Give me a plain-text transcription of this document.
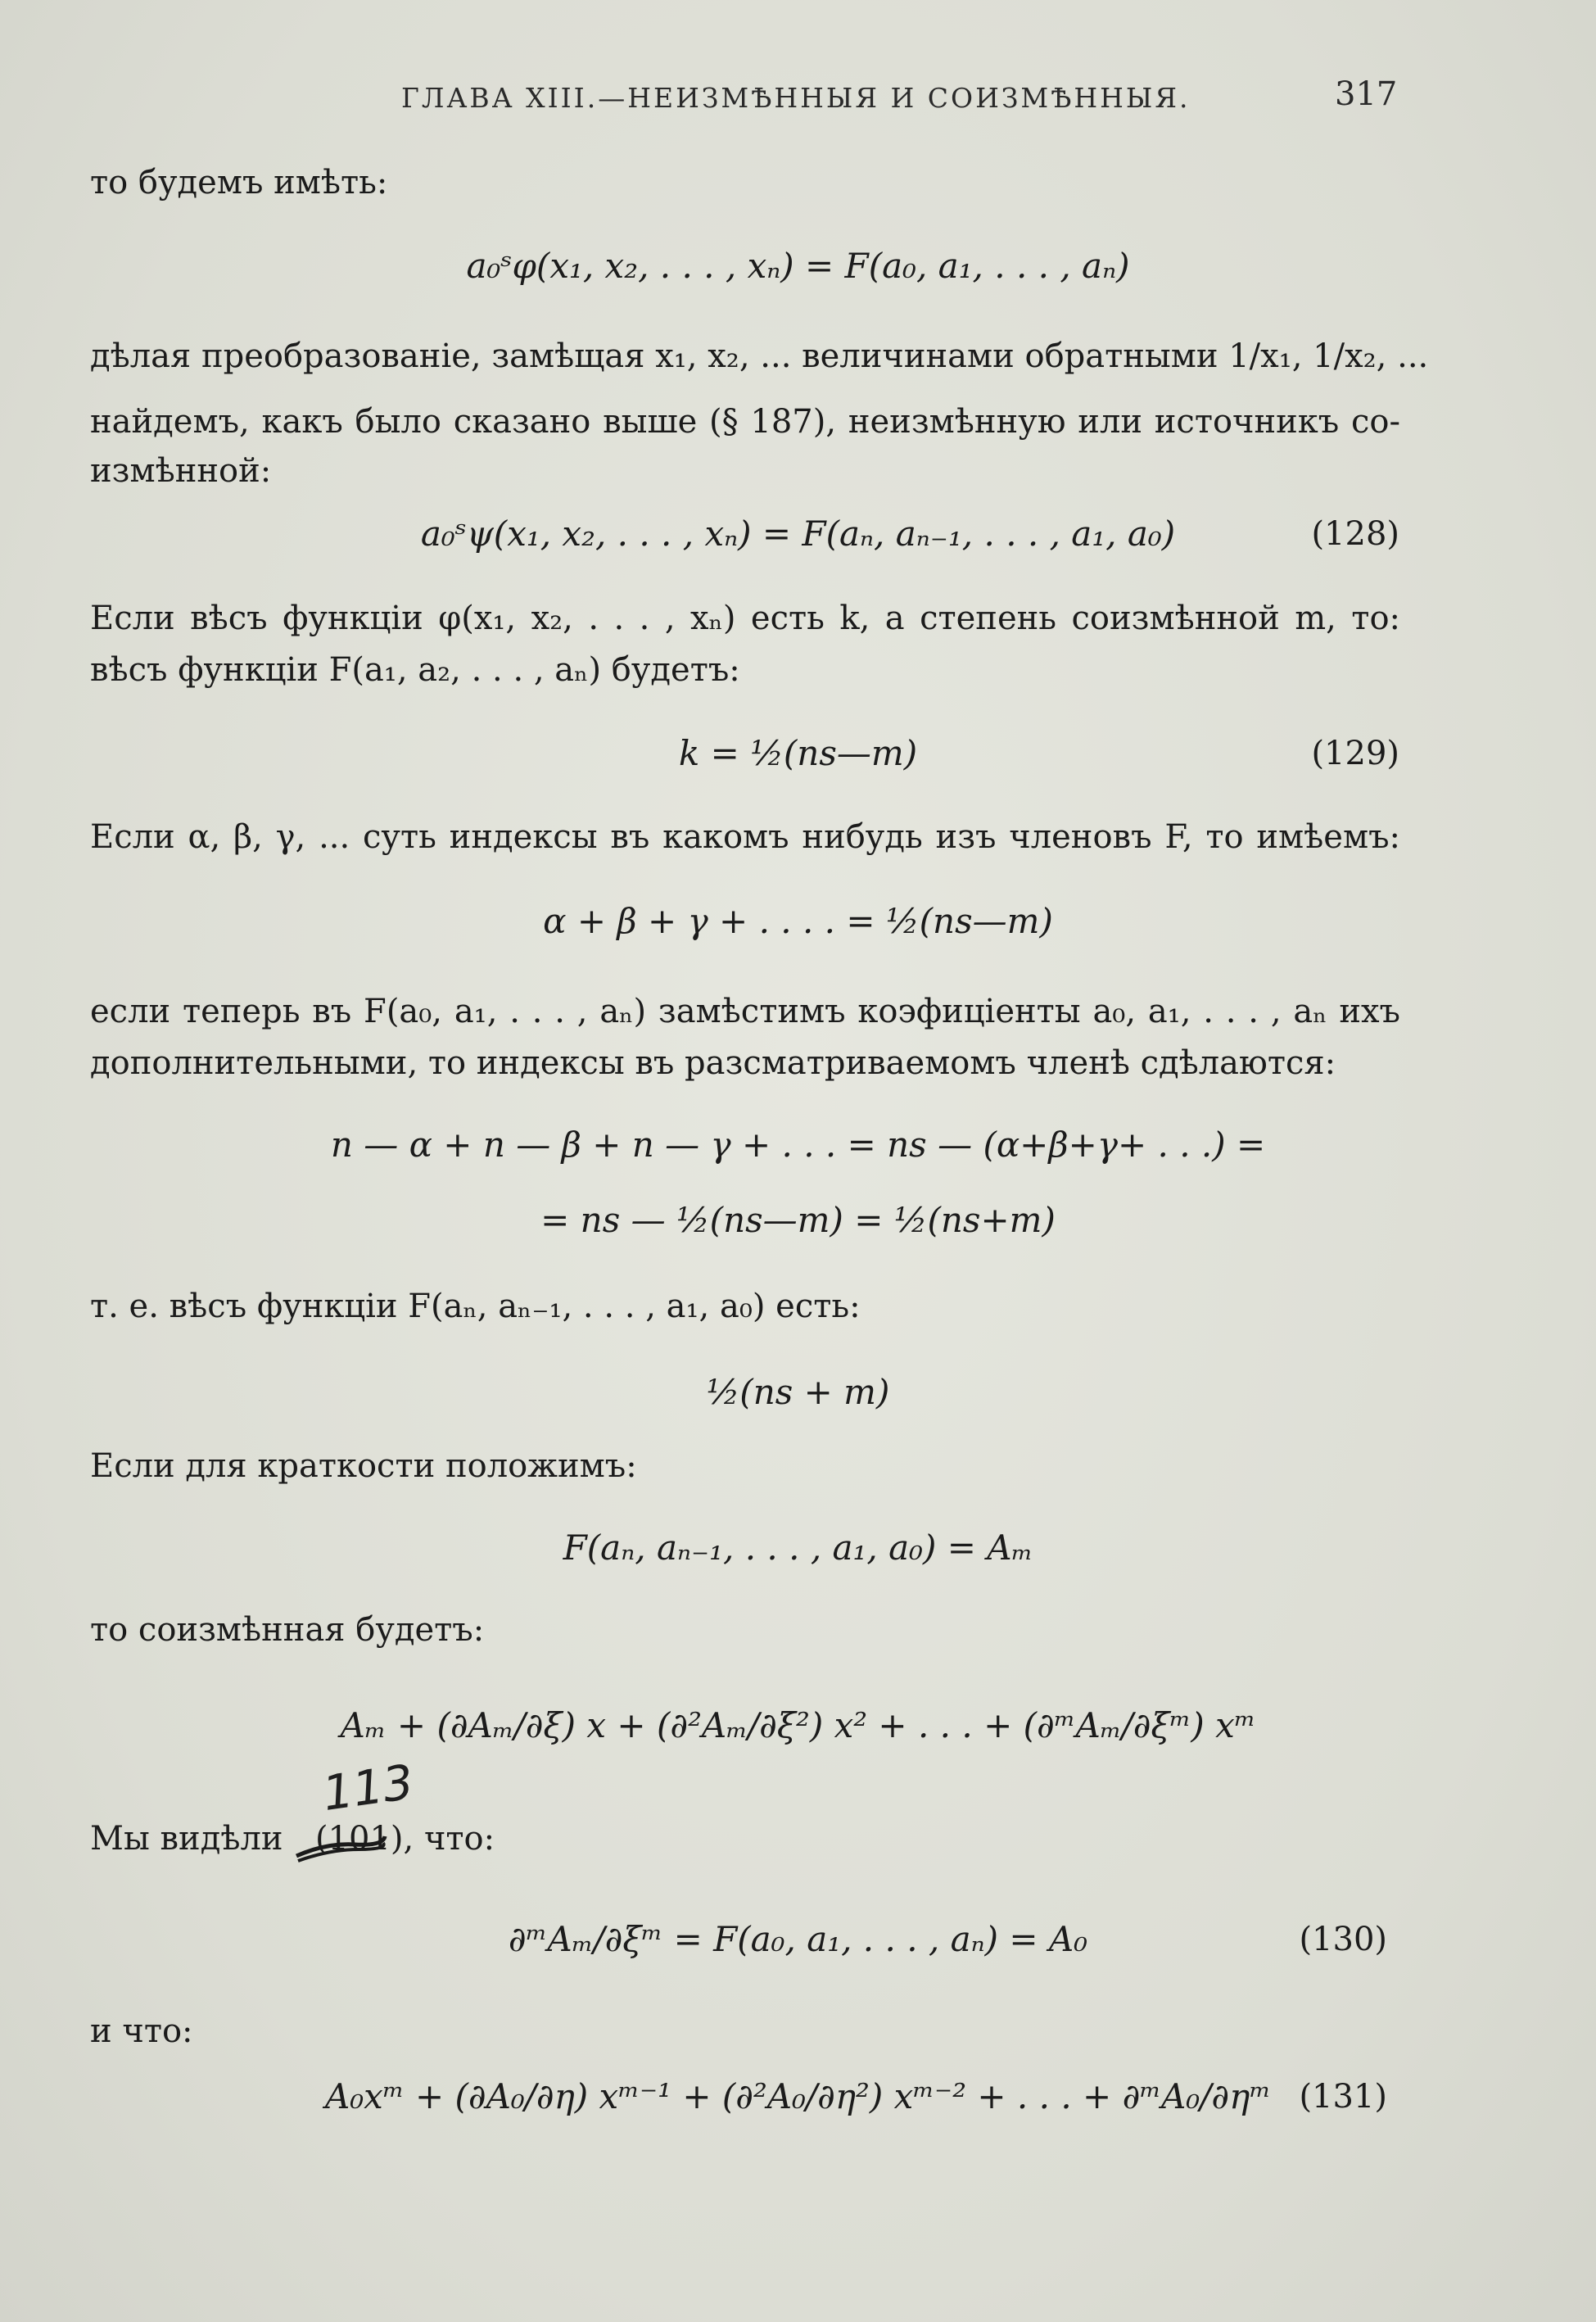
ГЛАВА XIII.—НЕИЗМѢННЫЯ И СОИЗМѢННЫЯ.	317
то будемъ имѣть:
a₀ˢφ(x₁, x₂, . . . , xₙ) = F(a₀, a₁, . . . , aₙ)
дѣлая преобразованіе, замѣщая x₁, x₂, ... величинами обратными 1/x₁, 1/x₂, ...
найдемъ, какъ было сказано выше (§ 187), неизмѣнную или источникъ со-
измѣнной:
a₀ˢψ(x₁, x₂, . . . , xₙ) = F(aₙ, aₙ₋₁, . . . , a₁, a₀)	(128)
Если вѣсъ функціи φ(x₁, x₂, . . . , xₙ) есть k, а степень соизмѣнной m, то:
вѣсъ функціи F(a₁, a₂, . . . , aₙ) будетъ:
k = ½(ns—m)	(129)
Если α, β, γ, ... суть индексы въ какомъ нибудь изъ членовъ F, то имѣемъ:
α + β + γ + . . . . = ½(ns—m)
если теперь въ F(a₀, a₁, . . . , aₙ) замѣстимъ коэфиціенты a₀, a₁, . . . , aₙ ихъ
дополнительными, то индексы въ разсматриваемомъ членѣ сдѣлаются:
n — α + n — β + n — γ + . . . = ns — (α+β+γ+ . . .) =
= ns — ½(ns—m) = ½(ns+m)
т. е. вѣсъ функціи F(aₙ, aₙ₋₁, . . . , a₁, a₀) есть:
½(ns + m)
Если для краткости положимъ:
F(aₙ, aₙ₋₁, . . . , a₁, a₀) = Aₘ
то соизмѣнная будетъ:
Aₘ + (∂Aₘ/∂ξ) x + (∂²Aₘ/∂ξ²) x² + . . . + (∂ᵐAₘ/∂ξᵐ) xᵐ
Мы видѣли (101), что:
113
∂ᵐAₘ/∂ξᵐ = F(a₀, a₁, . . . , aₙ) = A₀	(130)
и что:
A₀xᵐ + (∂A₀/∂η) xᵐ⁻¹ + (∂²A₀/∂η²) xᵐ⁻² + . . . + ∂ᵐA₀/∂ηᵐ (131)
